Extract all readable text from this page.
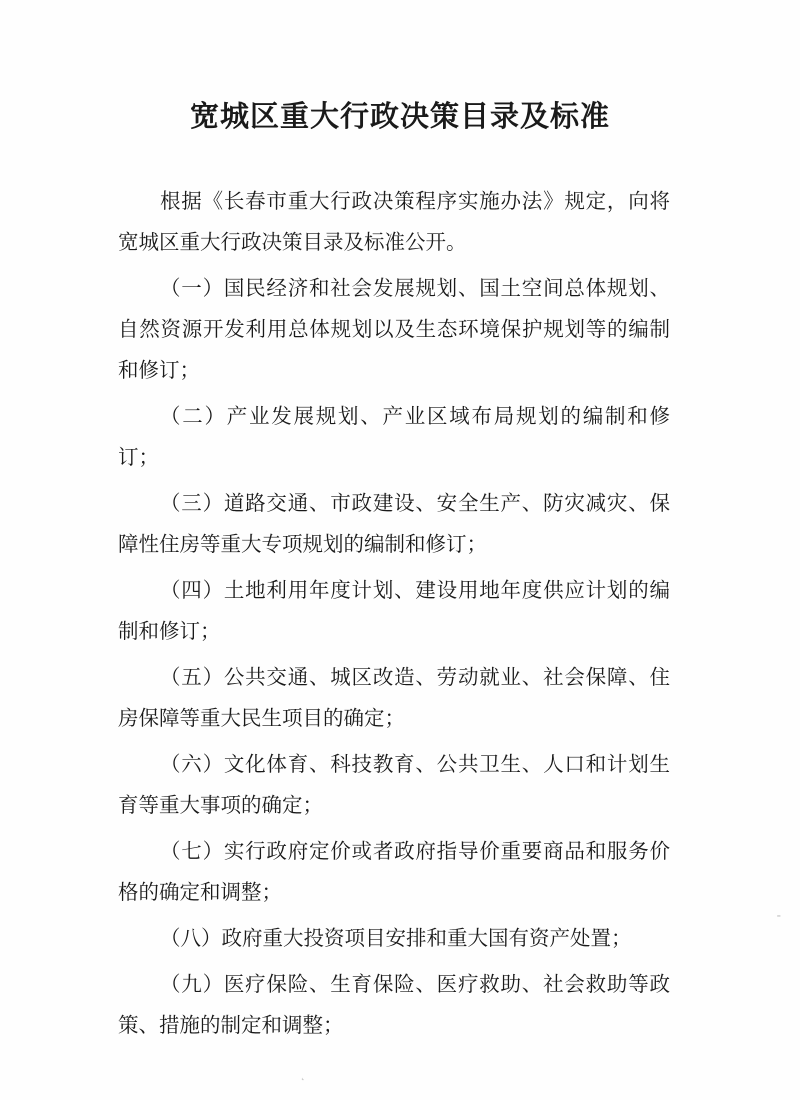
宽城区重大行政决策目录及标准

根据《长春市重大行政决策程序实施办法》规定，向将宽城区重大行政决策目录及标准公开。

（一）国民经济和社会发展规划、国土空间总体规划、自然资源开发利用总体规划以及生态环境保护规划等的编制和修订；

（二）产业发展规划、产业区域布局规划的编制和修订；

（三）道路交通、市政建设、安全生产、防灾减灾、保障性住房等重大专项规划的编制和修订；

（四）土地利用年度计划、建设用地年度供应计划的编制和修订；

（五）公共交通、城区改造、劳动就业、社会保障、住房保障等重大民生项目的确定；

（六）文化体育、科技教育、公共卫生、人口和计划生育等重大事项的确定；

（七）实行政府定价或者政府指导价重要商品和服务价格的确定和调整；

（八）政府重大投资项目安排和重大国有资产处置；

（九）医疗保险、生育保险、医疗救助、社会救助等政策、措施的制定和调整；

⁃
˛
